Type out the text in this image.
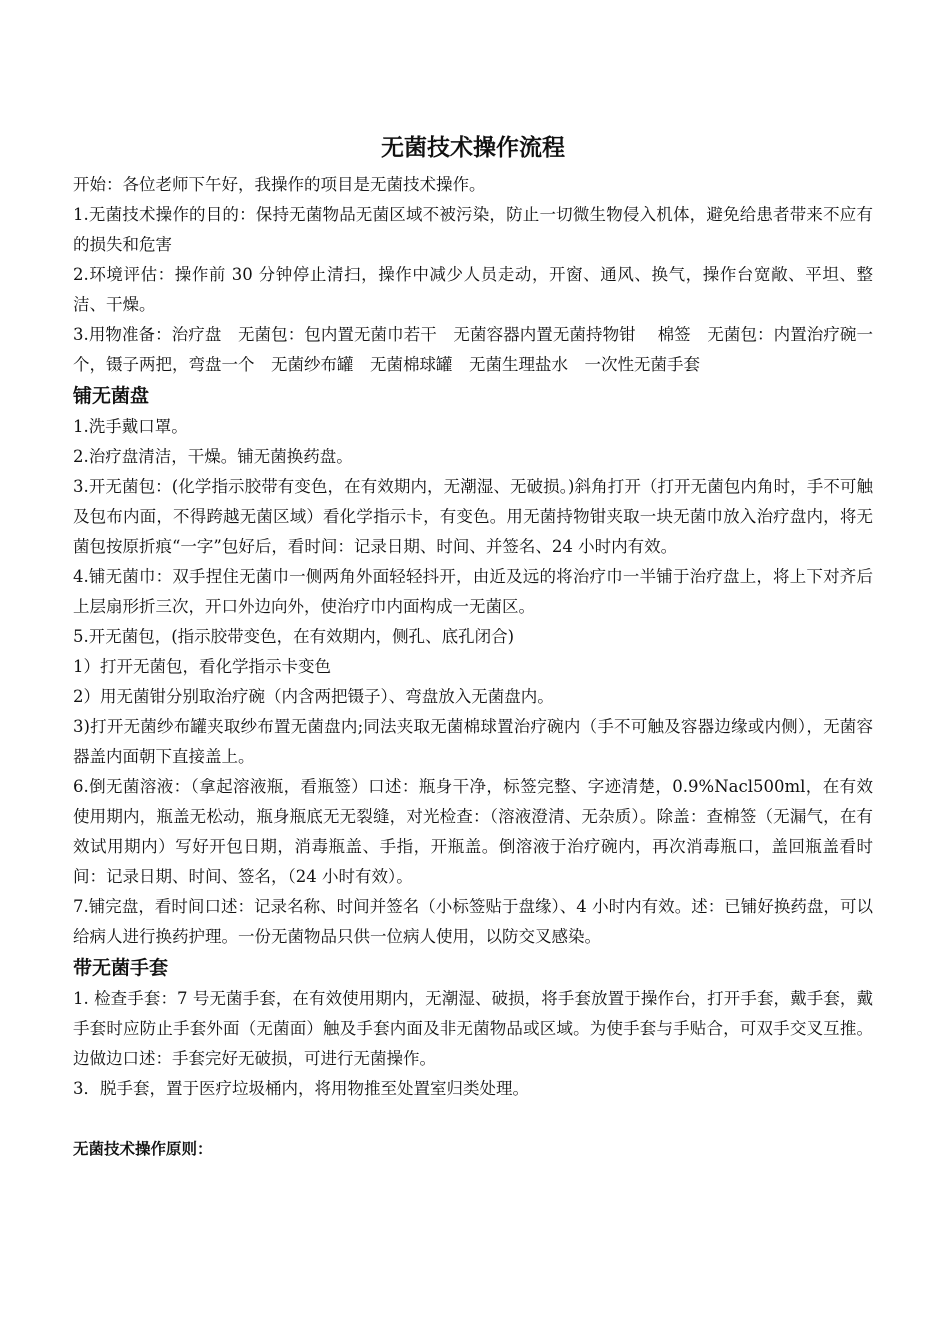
无菌技术操作流程

开始：各位老师下午好，我操作的项目是无菌技术操作。

1.无菌技术操作的目的：保持无菌物品无菌区域不被污染，防止一切微生物侵入机体，避免给患者带来不应有的损失和危害

2.环境评估：操作前 30 分钟停止清扫，操作中减少人员走动，开窗、通风、换气，操作台宽敞、平坦、整洁、干燥。

3.用物准备：治疗盘　无菌包：包内置无菌巾若干　无菌容器内置无菌持物钳　 棉签　无菌包：内置治疗碗一个，镊子两把，弯盘一个　无菌纱布罐　无菌棉球罐　无菌生理盐水　一次性无菌手套

铺无菌盘

1.洗手戴口罩。

2.治疗盘清洁，干燥。铺无菌换药盘。

3.开无菌包：(化学指示胶带有变色，在有效期内，无潮湿、无破损。)斜角打开（打开无菌包内角时，手不可触及包布内面，不得跨越无菌区域）看化学指示卡，有变色。用无菌持物钳夹取一块无菌巾放入治疗盘内，将无菌包按原折痕“一字”包好后，看时间：记录日期、时间、并签名、24 小时内有效。

4.铺无菌巾：双手捏住无菌巾一侧两角外面轻轻抖开，由近及远的将治疗巾一半铺于治疗盘上，将上下对齐后上层扇形折三次，开口外边向外，使治疗巾内面构成一无菌区。

5.开无菌包，(指示胶带变色，在有效期内，侧孔、底孔闭合)

1）打开无菌包，看化学指示卡变色

2）用无菌钳分别取治疗碗（内含两把镊子）、弯盘放入无菌盘内。

3)打开无菌纱布罐夹取纱布置无菌盘内;同法夹取无菌棉球置治疗碗内（手不可触及容器边缘或内侧），无菌容器盖内面朝下直接盖上。

6.倒无菌溶液：（拿起溶液瓶，看瓶签）口述：瓶身干净，标签完整、字迹清楚，0.9%Nacl500ml，在有效使用期内，瓶盖无松动，瓶身瓶底无无裂缝，对光检查：（溶液澄清、无杂质）。除盖：查棉签（无漏气，在有效试用期内）写好开包日期，消毒瓶盖、手指，开瓶盖。倒溶液于治疗碗内，再次消毒瓶口，盖回瓶盖看时间：记录日期、时间、签名，（24 小时有效）。

7.铺完盘，看时间口述：记录名称、时间并签名（小标签贴于盘缘）、4 小时内有效。述：已铺好换药盘，可以给病人进行换药护理。一份无菌物品只供一位病人使用，以防交叉感染。

带无菌手套

1. 检查手套：7 号无菌手套，在有效使用期内，无潮湿、破损，将手套放置于操作台，打开手套，戴手套，戴手套时应防止手套外面（无菌面）触及手套内面及非无菌物品或区域。为使手套与手贴合，可双手交叉互推。边做边口述：手套完好无破损，可进行无菌操作。

3．脱手套，置于医疗垃圾桶内，将用物推至处置室归类处理。

无菌技术操作原则：
